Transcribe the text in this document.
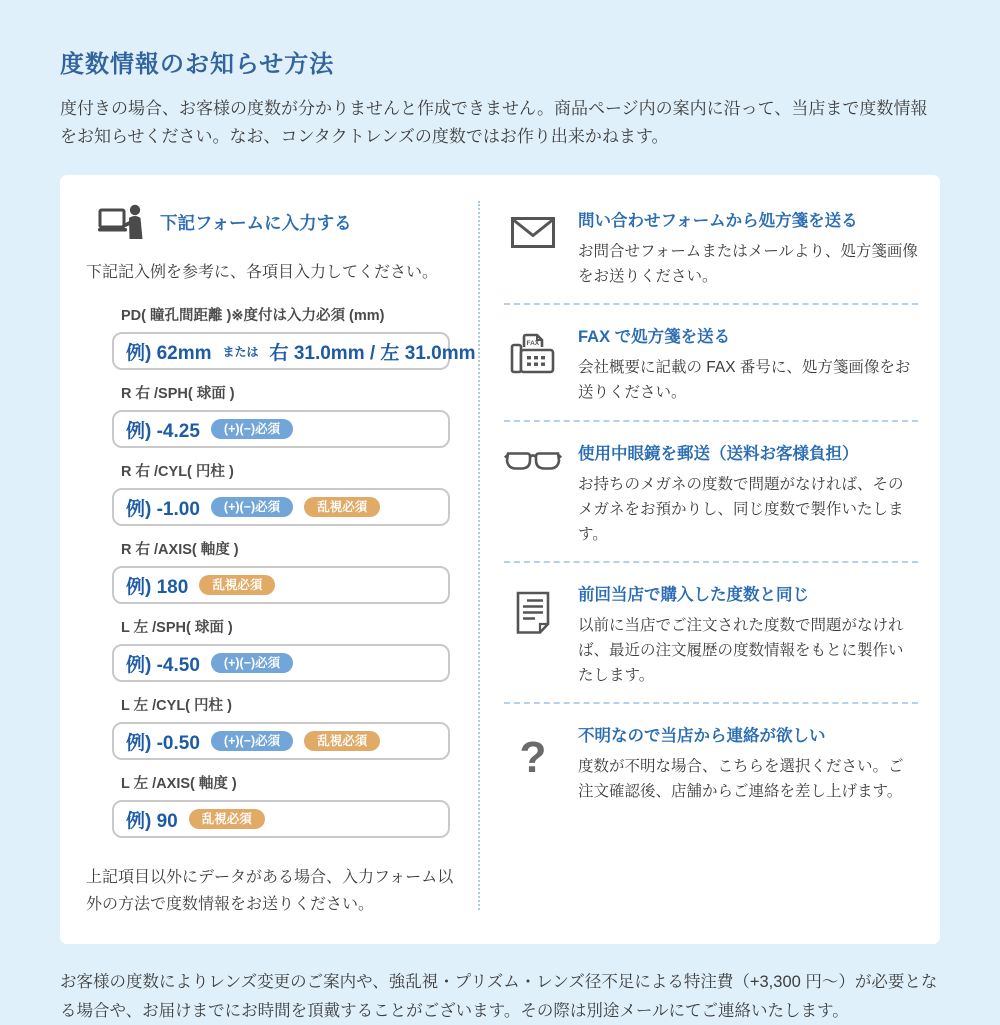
度数情報のお知らせ方法

度付きの場合、お客様の度数が分かりませんと作成できません。商品ページ内の案内に沿って、当店まで度数情報をお知らせください。なお、コンタクトレンズの度数ではお作り出来かねます。

下記フォームに入力する

下記記入例を参考に、各項目入力してください。

PD( 瞳孔間距離 )※度付は入力必須 (mm)
例) 62mm または 右 31.0mm / 左 31.0mm
R 右 /SPH( 球面 )
例) -4.25	(+)(−)必須
R 右 /CYL( 円柱 )
例) -1.00	(+)(−)必須	乱視必須
R 右 /AXIS( 軸度 )
例) 180	乱視必須
L 左 /SPH( 球面 )
例) -4.50	(+)(−)必須
L 左 /CYL( 円柱 )
例) -0.50	(+)(−)必須	乱視必須
L 左 /AXIS( 軸度 )
例) 90	乱視必須

上記項目以外にデータがある場合、入力フォーム以外の方法で度数情報をお送りください。

問い合わせフォームから処方箋を送る
お問合せフォームまたはメールより、処方箋画像をお送りください。
FAX FAX で処方箋を送る
会社概要に記載の FAX 番号に、処方箋画像をお送りください。
使用中眼鏡を郵送（送料お客様負担）
お持ちのメガネの度数で問題がなければ、そのメガネをお預かりし、同じ度数で製作いたします。
前回当店で購入した度数と同じ
以前に当店でご注文された度数で問題がなければ、最近の注文履歴の度数情報をもとに製作いたします。
? 不明なので当店から連絡が欲しい
度数が不明な場合、こちらを選択ください。ご注文確認後、店舗からご連絡を差し上げます。

お客様の度数によりレンズ変更のご案内や、強乱視・プリズム・レンズ径不足による特注費（+3,300 円〜）が必要となる場合や、お届けまでにお時間を頂戴することがございます。その際は別途メールにてご連絡いたします。
